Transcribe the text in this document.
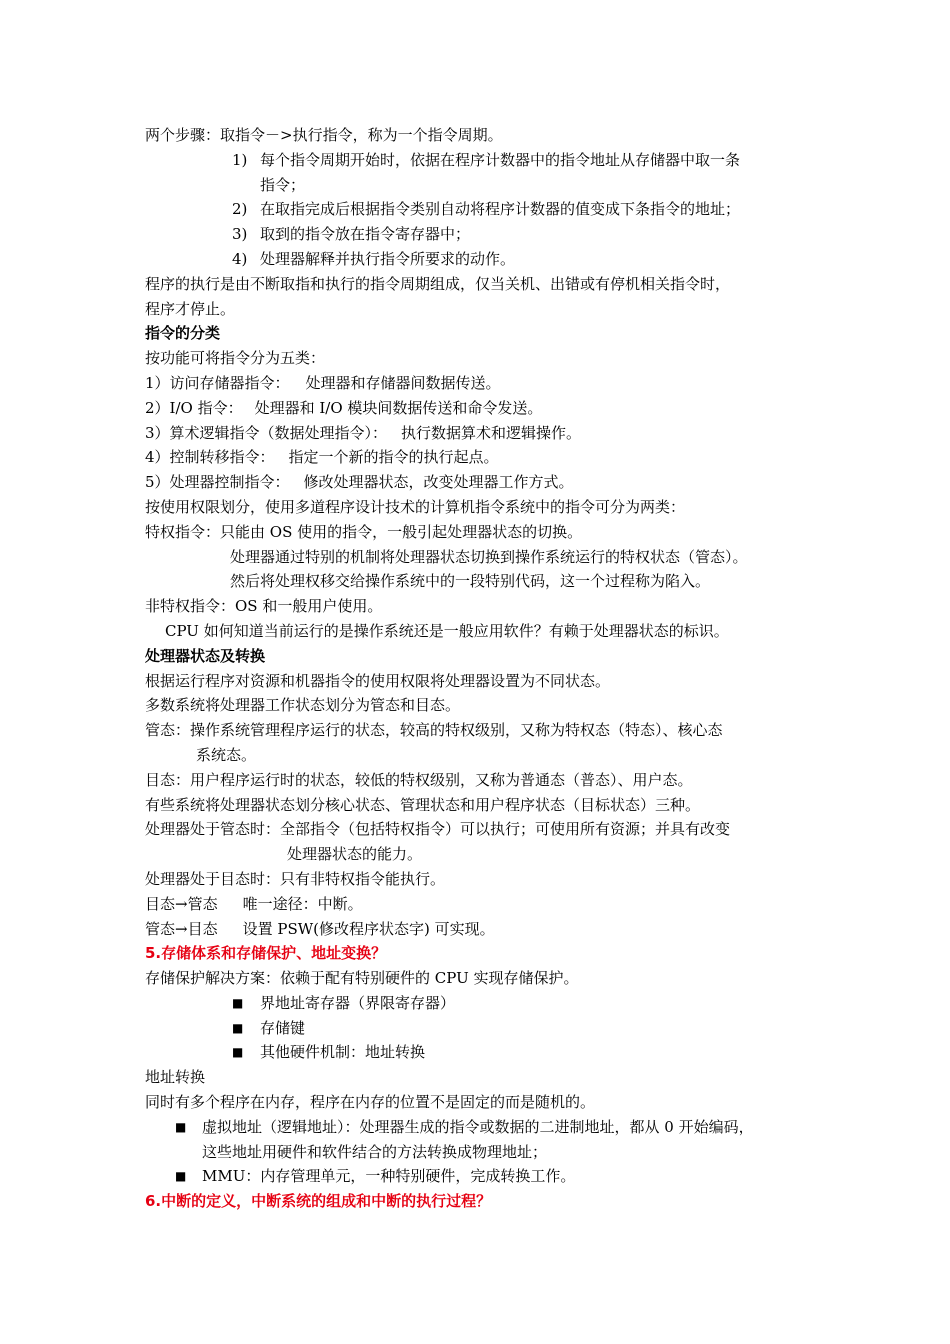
两个步骤：取指令－>执行指令，称为一个指令周期。
1) 每个指令周期开始时，依据在程序计数器中的指令地址从存储器中取一条
指令；
2) 在取指完成后根据指令类别自动将程序计数器的值变成下条指令的地址；
3) 取到的指令放在指令寄存器中；
4) 处理器解释并执行指令所要求的动作。
程序的执行是由不断取指和执行的指令周期组成，仅当关机、出错或有停机相关指令时，
程序才停止。
指令的分类
按功能可将指令分为五类：
1）访问存储器指令： 处理器和存储器间数据传送。
2）I/O 指令： 处理器和 I/O 模块间数据传送和命令发送。
3）算术逻辑指令（数据处理指令）： 执行数据算术和逻辑操作。
4）控制转移指令： 指定一个新的指令的执行起点。
5）处理器控制指令： 修改处理器状态，改变处理器工作方式。
按使用权限划分，使用多道程序设计技术的计算机指令系统中的指令可分为两类：
特权指令：只能由 OS 使用的指令，一般引起处理器状态的切换。
处理器通过特别的机制将处理器状态切换到操作系统运行的特权状态（管态）。
然后将处理权移交给操作系统中的一段特别代码，这一个过程称为陷入。
非特权指令：OS 和一般用户使用。
CPU 如何知道当前运行的是操作系统还是一般应用软件？有赖于处理器状态的标识。
处理器状态及转换
根据运行程序对资源和机器指令的使用权限将处理器设置为不同状态。
多数系统将处理器工作状态划分为管态和目态。
管态：操作系统管理程序运行的状态，较高的特权级别，又称为特权态（特态）、核心态
系统态。
目态：用户程序运行时的状态，较低的特权级别，又称为普通态（普态）、用户态。
有些系统将处理器状态划分核心状态、管理状态和用户程序状态（目标状态）三种。
处理器处于管态时：全部指令（包括特权指令）可以执行；可使用所有资源；并具有改变
处理器状态的能力。
处理器处于目态时：只有非特权指令能执行。
目态→管态 唯一途径：中断。
管态→目态 设置 PSW(修改程序状态字) 可实现。
5.存储体系和存储保护、地址变换？
存储保护解决方案：依赖于配有特别硬件的 CPU 实现存储保护。
■	界地址寄存器（界限寄存器）
■	存储键
■	其他硬件机制：地址转换
地址转换
同时有多个程序在内存，程序在内存的位置不是固定的而是随机的。
■	虚拟地址（逻辑地址）：处理器生成的指令或数据的二进制地址，都从 0 开始编码，
这些地址用硬件和软件结合的方法转换成物理地址；
■	MMU：内存管理单元，一种特别硬件，完成转换工作。
6.中断的定义，中断系统的组成和中断的执行过程？
